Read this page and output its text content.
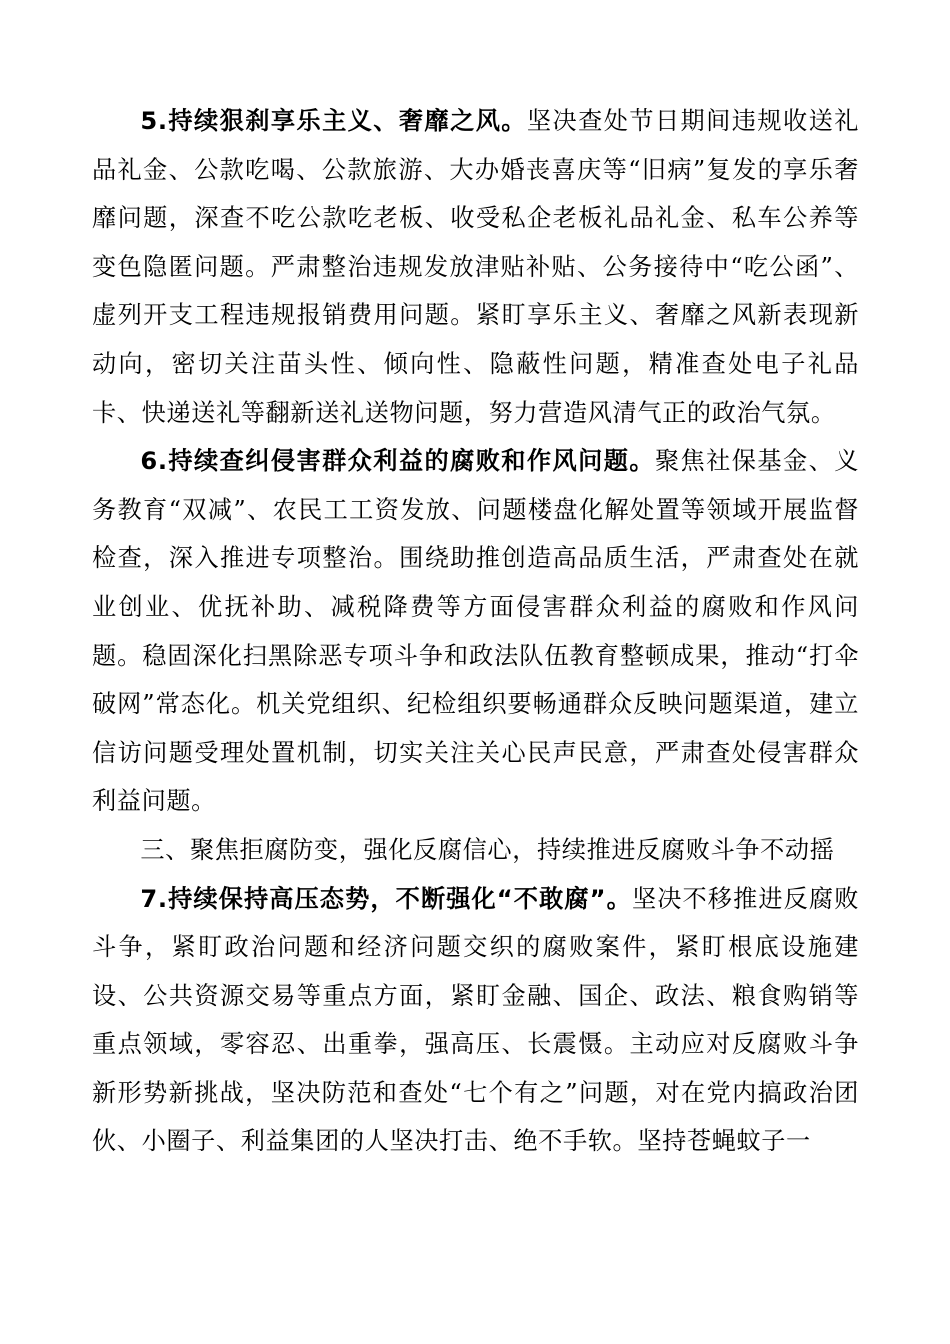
5.持续狠刹享乐主义、奢靡之风。坚决查处节日期间违规收送礼品礼金、公款吃喝、公款旅游、大办婚丧喜庆等“旧病”复发的享乐奢靡问题，深查不吃公款吃老板、收受私企老板礼品礼金、私车公养等变色隐匿问题。严肃整治违规发放津贴补贴、公务接待中“吃公函”、虚列开支工程违规报销费用问题。紧盯享乐主义、奢靡之风新表现新动向，密切关注苗头性、倾向性、隐蔽性问题，精准查处电子礼品卡、快递送礼等翻新送礼送物问题，努力营造风清气正的政治气氛。

6.持续查纠侵害群众利益的腐败和作风问题。聚焦社保基金、义务教育“双减”、农民工工资发放、问题楼盘化解处置等领域开展监督检查，深入推进专项整治。围绕助推创造高品质生活，严肃查处在就业创业、优抚补助、减税降费等方面侵害群众利益的腐败和作风问题。稳固深化扫黑除恶专项斗争和政法队伍教育整顿成果，推动“打伞破网”常态化。机关党组织、纪检组织要畅通群众反映问题渠道，建立信访问题受理处置机制，切实关注关心民声民意，严肃查处侵害群众利益问题。

三、聚焦拒腐防变，强化反腐信心，持续推进反腐败斗争不动摇

7.持续保持高压态势，不断强化“不敢腐”。坚决不移推进反腐败斗争，紧盯政治问题和经济问题交织的腐败案件，紧盯根底设施建设、公共资源交易等重点方面，紧盯金融、国企、政法、粮食购销等重点领域，零容忍、出重拳，强高压、长震慑。主动应对反腐败斗争新形势新挑战，坚决防范和查处“七个有之”问题，对在党内搞政治团伙、小圈子、利益集团的人坚决打击、绝不手软。坚持苍蝇蚊子一
